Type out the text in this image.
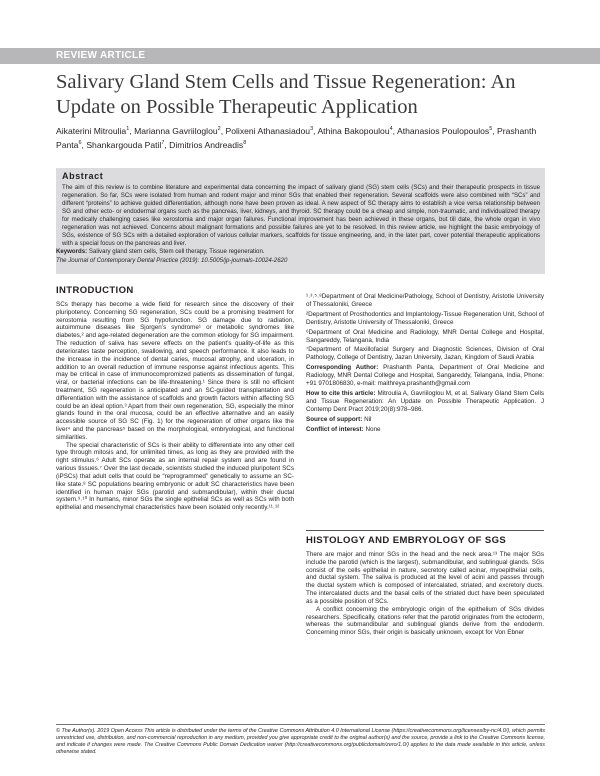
REVIEW ARTICLE
Salivary Gland Stem Cells and Tissue Regeneration: An Update on Possible Therapeutic Application
Aikaterini Mitroulia$^1$, Marianna Gavriiloglou$^2$, Polixeni Athanasiadou$^3$, Athina Bakopoulou$^4$, Athanasios Poulopoulos$^5$, Prashanth Panta$^6$, Shankargouda Patil$^7$, Dimitrios Andreadis$^8$
Abstract

The aim of this review is to combine literature and experimental data concerning the impact of salivary gland (SG) stem cells (SCs) and their therapeutic prospects in tissue regeneration. So far, SCs were isolated from human and rodent major and minor SGs that enabled their regeneration. Several scaffolds were also combined with “SCs” and different “proteins” to achieve guided differentiation, although none have been proven as ideal. A new aspect of SC therapy aims to establish a vice versa relationship between SG and other ecto- or endodermal organs such as the pancreas, liver, kidneys, and thyroid. SC therapy could be a cheap and simple, non-traumatic, and individualized therapy for medically challenging cases like xerostomia and major organ failures. Functional improvement has been achieved in these organs, but till date, the whole organ in vivo regeneration was not achieved. Concerns about malignant formations and possible failures are yet to be resolved. In this review article, we highlight the basic embryology of SGs, existence of SG SCs with a detailed exploration of various cellular markers, scaffolds for tissue engineering, and, in the later part, cover potential therapeutic applications with a special focus on the pancreas and liver.

Keywords: Salivary gland stem cells, Stem cell therapy, Tissue regeneration.
The Journal of Contemporary Dental Practice (2019): 10.5005/jp-journals-10024-2620
INTRODUCTION

SCs therapy has become a wide field for research since the discovery of their pluripotency. Concerning SG regeneration, SCs could be a promising treatment for xerostomia resulting from SG hypofunction. SG damage due to radiation, autoimmune diseases like Sjorgen’s syndrome¹ or metabolic syndromes like diabetes,² and age-related degeneration are the common etiology for SG impairment. The reduction of saliva has severe effects on the patient’s quality-of-life as this deteriorates taste perception, swallowing, and speech performance. It also leads to the increase in the incidence of dental caries, mucosal atrophy, and ulceration, in addition to an overall reduction of immune response against infectious agents. This may be critical in case of immunocompromized patients as dissemination of fungal, viral, or bacterial infections can be life-threatening.¹ Since there is still no efficient treatment, SG regeneration is anticipated and an SC-guided transplantation and differentiation with the assistance of scaffolds and growth factors within affecting SG could be an ideal option.³ Apart from their own regeneration, SG, especially the minor glands found in the oral mucosa, could be an effective alternative and an easily accessible source of SG SC (Fig. 1) for the regeneration of other organs like the liver⁴ and the pancreas⁵ based on the morphological, embryological, and functional similarities.

The special characteristic of SCs is their ability to differentiate into any other cell type through mitosis and, for unlimited times, as long as they are provided with the right stimulus.⁶ Adult SCs operate as an internal repair system and are found in various tissues.⁷ Over the last decade, scientists studied the induced pluripotent SCs (iPSCs) that adult cells that could be “reprogrammed” genetically to assume an SC-like state.⁸ SC populations bearing embryonic or adult SC characteristics have been identified in human major SGs (parotid and submandibular), within their ductal system.⁹˒¹⁰ In humans, minor SGs the single epithelial SCs as well as SCs with both epithelial and mesenchymal characteristics have been isolated only recently.¹¹˒¹²

¹˒³˒⁵˒⁸Department of Oral Medicine/Pathology, School of Dentistry, Aristotle University of Thessaloniki, Greece

²Department of Prosthodontics and Implantology-Tissue Regeneration Unit, School of Dentistry, Aristotle University of Thessaloniki, Greece

⁶Department of Oral Medicine and Radiology, MNR Dental College and Hospital, Sangareddy, Telangana, India

⁷Department of Maxillofacial Surgery and Diagnostic Sciences, Division of Oral Pathology, College of Dentistry, Jazan University, Jazan, Kingdom of Saudi Arabia

Corresponding Author: Prashanth Panta, Department of Oral Medicine and Radiology, MNR Dental College and Hospital, Sangareddy, Telangana, India, Phone: +91 9701806830, e-mail: maithreya.prashanth@gmail.com

How to cite this article: Mitroulia A, Gavriiloglou M, et al. Salivary Gland Stem Cells and Tissue Regeneration: An Update on Possible Therapeutic Application. J Contemp Dent Pract 2019;20(8):978–986.

Source of support: Nil

Conflict of interest: None

HISTOLOGY AND EMBRYOLOGY OF SGS

There are major and minor SGs in the head and the neck area.¹³ The major SGs include the parotid (which is the largest), submandibular, and sublingual glands. SGs consist of the cells epithelial in nature, secretory called acinar, myoepithelial cells, and ductal system. The saliva is produced at the level of acini and passes through the ductal system which is composed of intercalated, striated, and excretory ducts. The intercalated ducts and the basal cells of the striated duct have been speculated as a possible position of SCs.

A conflict concerning the embryologic origin of the epithelium of SGs divides researchers. Specifically, citations refer that the parotid originates from the ectoderm, whereas the submandibular and sublingual glands derive from the endoderm. Concerning minor SGs, their origin is basically unknown, except for Von Ebner

© The Author(s). 2019 Open Access This article is distributed under the terms of the Creative Commons Attribution 4.0 International License (https://creativecommons.org/licenses/by-nc/4.0/), which permits unrestricted use, distribution, and non-commercial reproduction in any medium, provided you give appropriate credit to the original author(s) and the source, provide a link to the Creative Commons license, and indicate if changes were made. The Creative Commons Public Domain Dedication waiver (http://creativecommons.org/publicdomain/zero/1.0/) applies to the data made available in this article, unless otherwise stated.
